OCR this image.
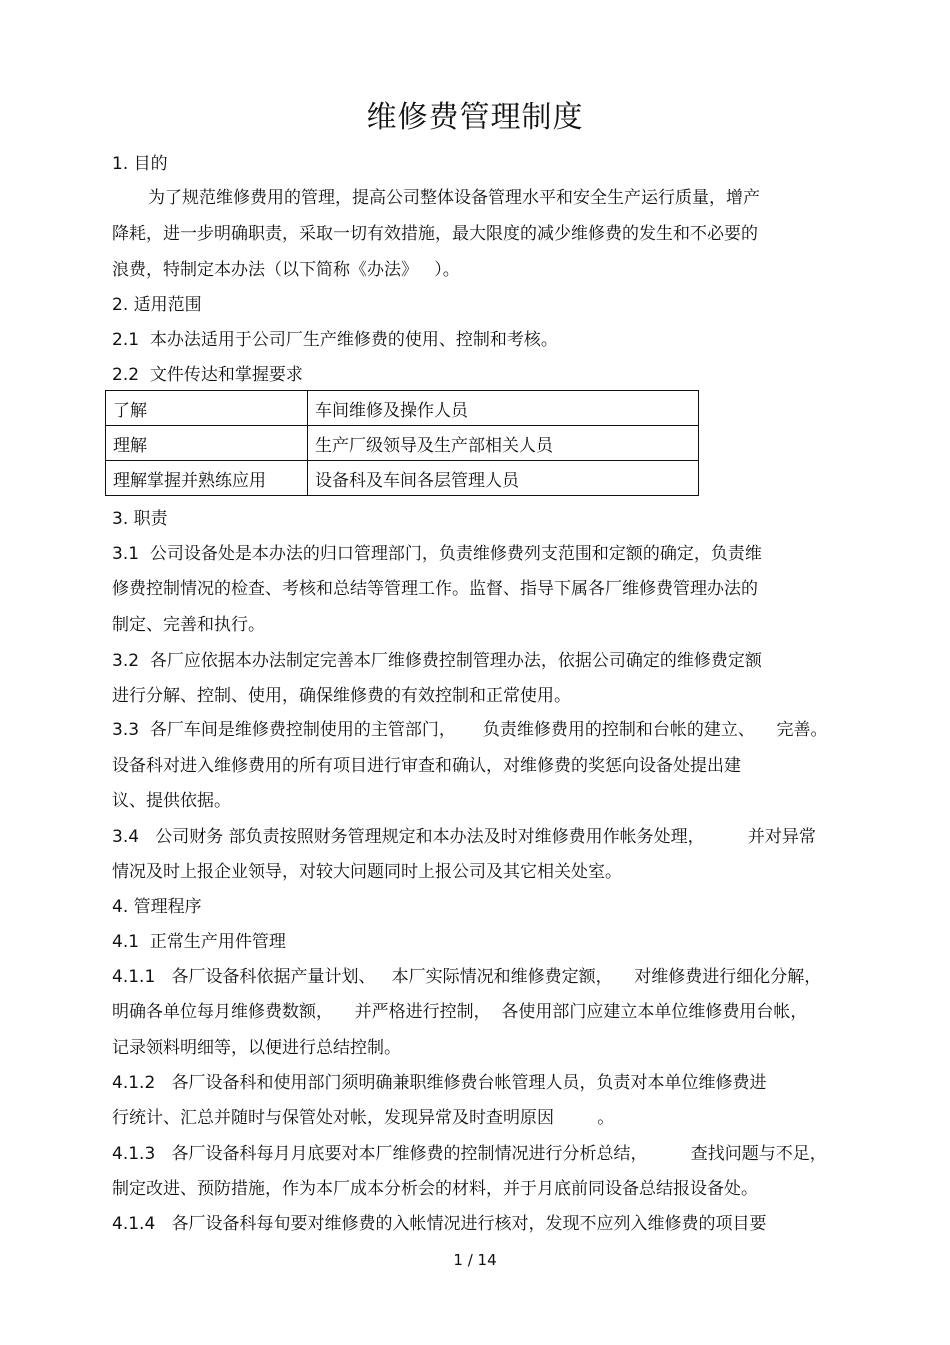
维修费管理制度

1. 目的

为了规范维修费用的管理，提高公司整体设备管理水平和安全生产运行质量，增产

降耗，进一步明确职责，采取一切有效措施，最大限度的减少维修费的发生和不必要的

浪费，特制定本办法（以下简称《办法》   ）。

2. 适用范围

2.1  本办法适用于公司厂生产维修费的使用、控制和考核。

2.2  文件传达和掌握要求

了解	车间维修及操作人员
理解	生产厂级领导及生产部相关人员
理解掌握并熟练应用	设备科及车间各层管理人员

3. 职责

3.1  公司设备处是本办法的归口管理部门，负责维修费列支范围和定额的确定，负责维

修费控制情况的检查、考核和总结等管理工作。监督、指导下属各厂维修费管理办法的

制定、完善和执行。

3.2  各厂应依据本办法制定完善本厂维修费控制管理办法，依据公司确定的维修费定额

进行分解、控制、使用，确保维修费的有效控制和正常使用。

3.3  各厂车间是维修费控制使用的主管部门，     负责维修费用的控制和台帐的建立、    完善。

设备科对进入维修费用的所有项目进行审查和确认，对维修费的奖惩向设备处提出建

议、提供依据。

3.4   公司财务 部负责按照财务管理规定和本办法及时对维修费用作帐务处理，        并对异常

情况及时上报企业领导，对较大问题同时上报公司及其它相关处室。

4. 管理程序

4.1  正常生产用件管理

4.1.1   各厂设备科依据产量计划、   本厂实际情况和维修费定额，    对维修费进行细化分解，

明确各单位每月维修费数额，    并严格进行控制，  各使用部门应建立本单位维修费用台帐，

记录领料明细等，以便进行总结控制。

4.1.2   各厂设备科和使用部门须明确兼职维修费台帐管理人员，负责对本单位维修费进

行统计、汇总并随时与保管处对帐，发现异常及时查明原因        。

4.1.3   各厂设备科每月月底要对本厂维修费的控制情况进行分析总结，        查找问题与不足，

制定改进、预防措施，作为本厂成本分析会的材料，并于月底前同设备总结报设备处。

4.1.4   各厂设备科每旬要对维修费的入帐情况进行核对，发现不应列入维修费的项目要

1 / 14
